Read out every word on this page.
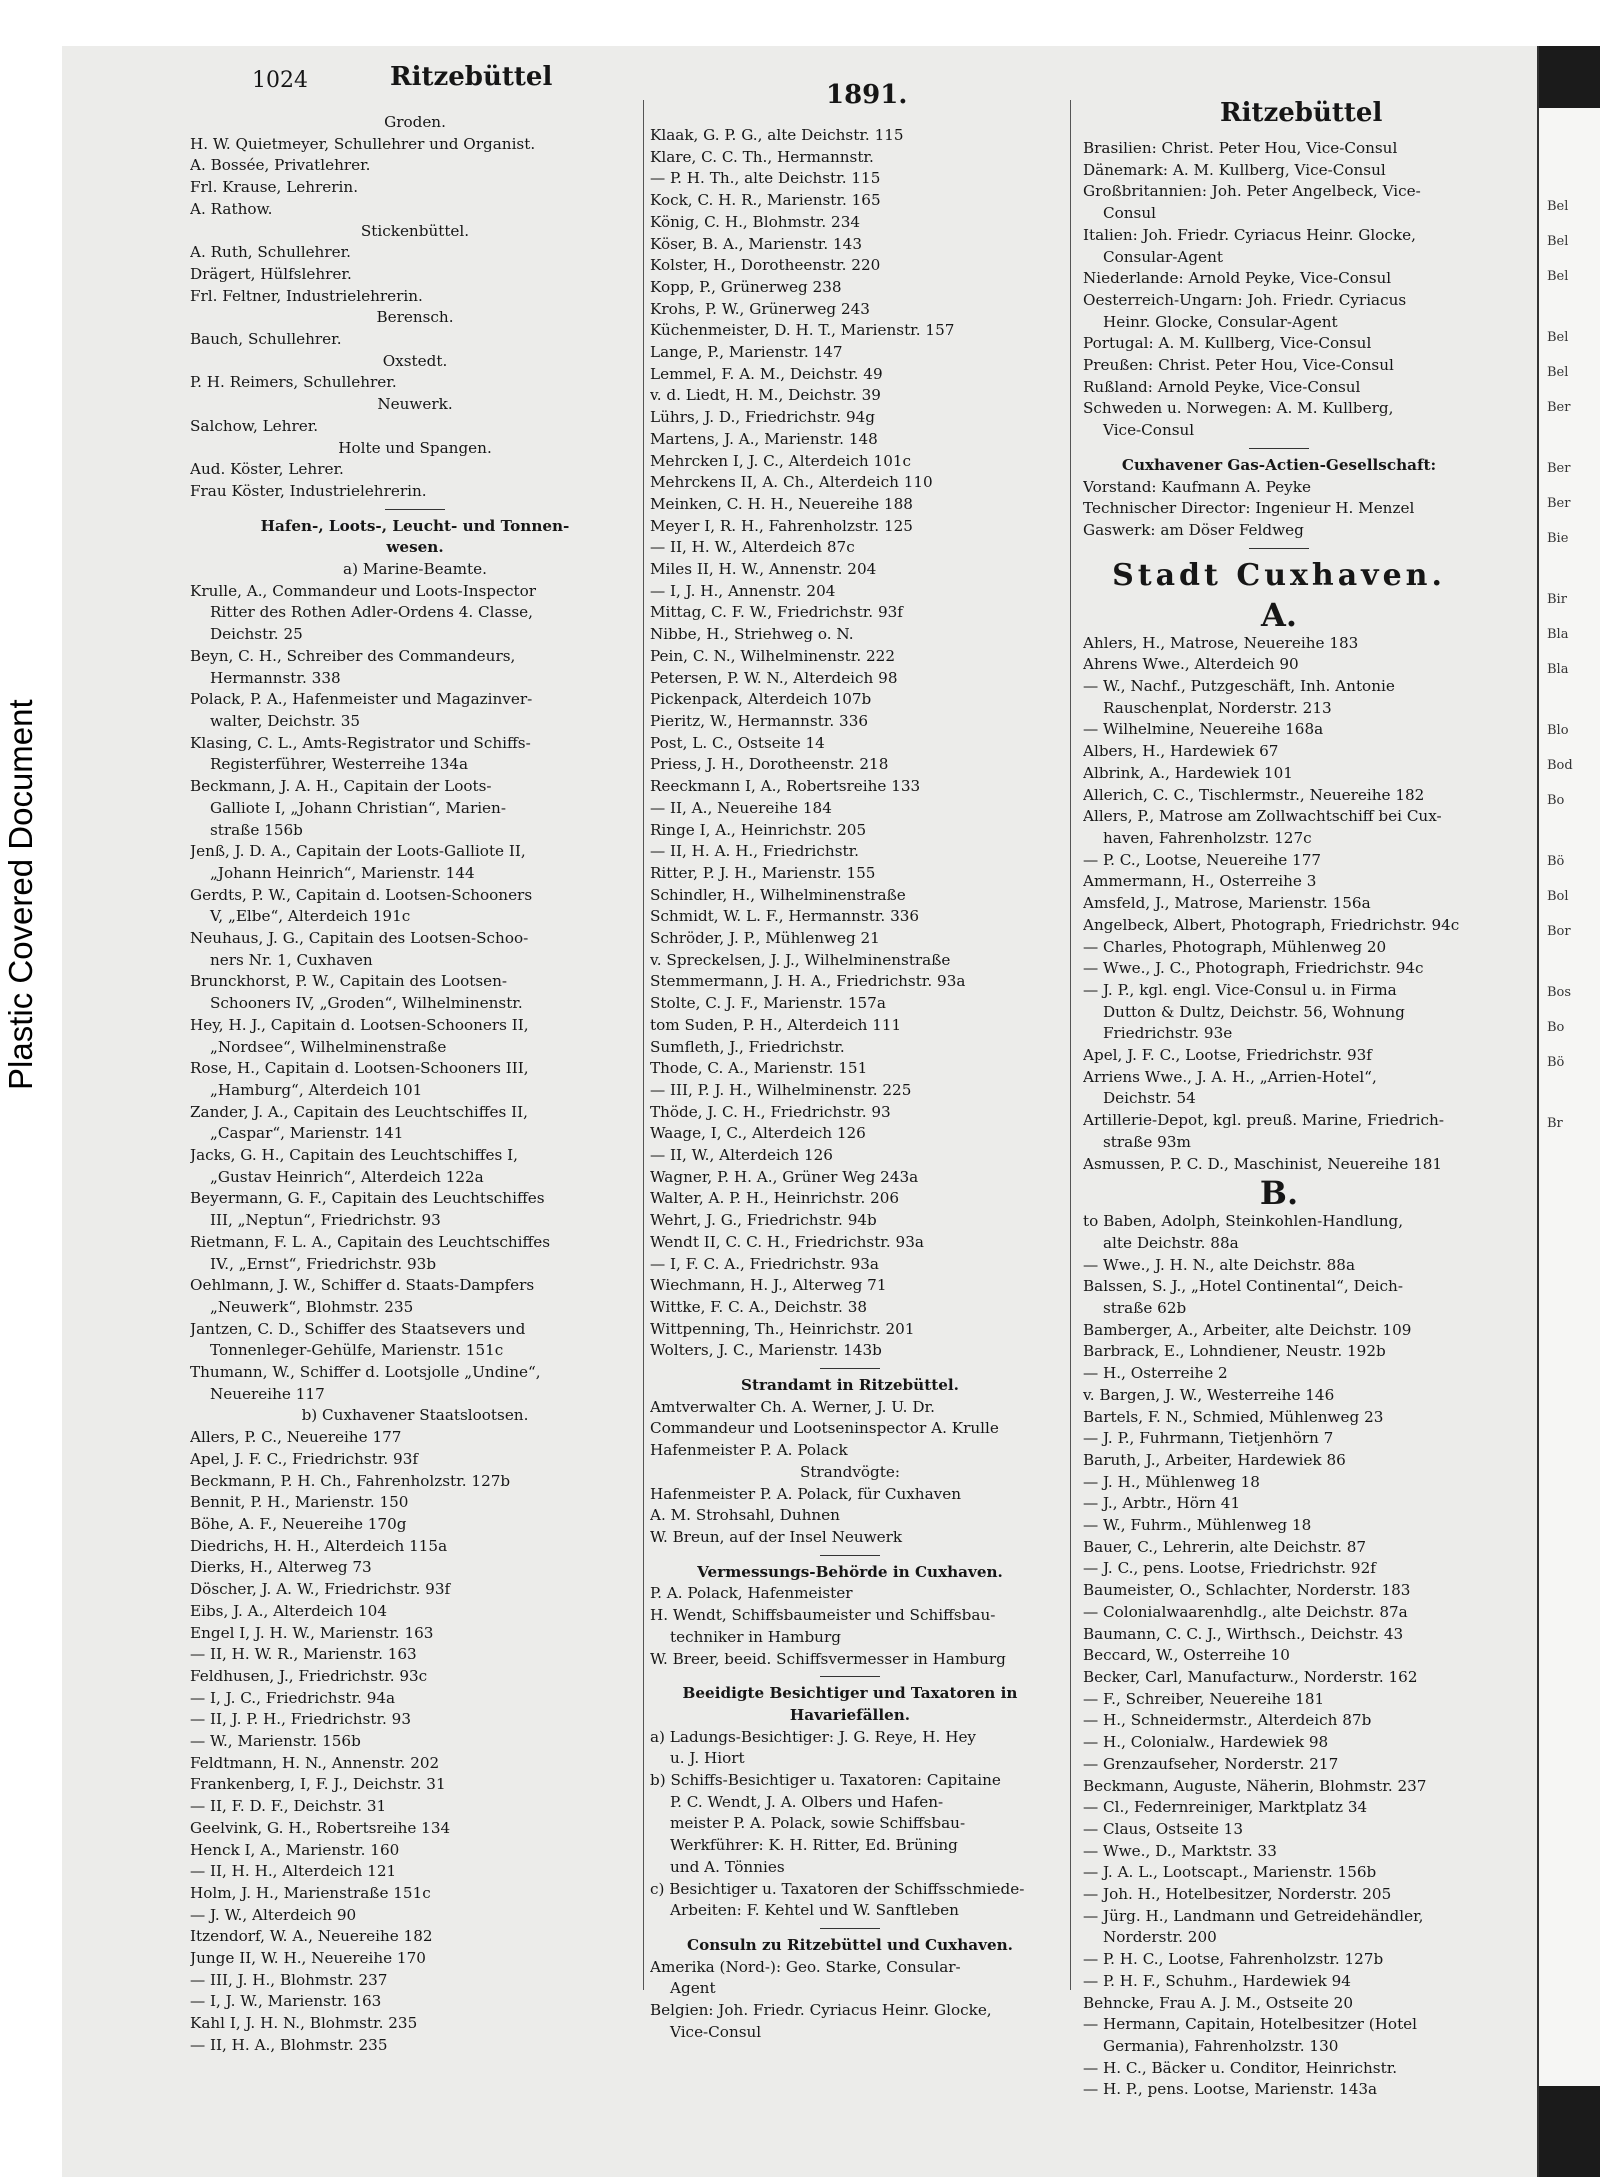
Plastic Covered Document
Bel
Bel
Bel
Bel
Bel
Ber
Ber
Ber
Bie
Bir
Bla
Bla
Blo
Bod
Bo
Bö
Bol
Bor
Bos
Bo
Bö
Br
1024	Ritzebüttel
1891.
Ritzebüttel
Groden.
H. W. Quietmeyer, Schullehrer und Organist.
A. Bossée, Privatlehrer.
Frl. Krause, Lehrerin.
A. Rathow.
Stickenbüttel.
A. Ruth, Schullehrer.
Drägert, Hülfslehrer.
Frl. Feltner, Industrielehrerin.
Berensch.
Bauch, Schullehrer.
Oxstedt.
P. H. Reimers, Schullehrer.
Neuwerk.
Salchow, Lehrer.
Holte und Spangen.
Aud. Köster, Lehrer.
Frau Köster, Industrielehrerin.
Hafen-, Loots-, Leucht- und Tonnen-
wesen.
a) Marine-Beamte.
Krulle, A., Commandeur und Loots-Inspector
Ritter des Rothen Adler-Ordens 4. Classe,
Deichstr. 25
Beyn, C. H., Schreiber des Commandeurs,
Hermannstr. 338
Polack, P. A., Hafenmeister und Magazinver-
walter, Deichstr. 35
Klasing, C. L., Amts-Registrator und Schiffs-
Registerführer, Westerreihe 134a
Beckmann, J. A. H., Capitain der Loots-
Galliote I, „Johann Christian“, Marien-
straße 156b
Jenß, J. D. A., Capitain der Loots-Galliote II,
„Johann Heinrich“, Marienstr. 144
Gerdts, P. W., Capitain d. Lootsen-Schooners
V, „Elbe“, Alterdeich 191c
Neuhaus, J. G., Capitain des Lootsen-Schoo-
ners Nr. 1, Cuxhaven
Brunckhorst, P. W., Capitain des Lootsen-
Schooners IV, „Groden“, Wilhelminenstr.
Hey, H. J., Capitain d. Lootsen-Schooners II,
„Nordsee“, Wilhelminenstraße
Rose, H., Capitain d. Lootsen-Schooners III,
„Hamburg“, Alterdeich 101
Zander, J. A., Capitain des Leuchtschiffes II,
„Caspar“, Marienstr. 141
Jacks, G. H., Capitain des Leuchtschiffes I,
„Gustav Heinrich“, Alterdeich 122a
Beyermann, G. F., Capitain des Leuchtschiffes
III, „Neptun“, Friedrichstr. 93
Rietmann, F. L. A., Capitain des Leuchtschiffes
IV., „Ernst“, Friedrichstr. 93b
Oehlmann, J. W., Schiffer d. Staats-Dampfers
„Neuwerk“, Blohmstr. 235
Jantzen, C. D., Schiffer des Staatsevers und
Tonnenleger-Gehülfe, Marienstr. 151c
Thumann, W., Schiffer d. Lootsjolle „Undine“,
Neuereihe 117
b) Cuxhavener Staatslootsen.
Allers, P. C., Neuereihe 177
Apel, J. F. C., Friedrichstr. 93f
Beckmann, P. H. Ch., Fahrenholzstr. 127b
Bennit, P. H., Marienstr. 150
Böhe, A. F., Neuereihe 170g
Diedrichs, H. H., Alterdeich 115a
Dierks, H., Alterweg 73
Döscher, J. A. W., Friedrichstr. 93f
Eibs, J. A., Alterdeich 104
Engel I, J. H. W., Marienstr. 163
— II, H. W. R., Marienstr. 163
Feldhusen, J., Friedrichstr. 93c
— I, J. C., Friedrichstr. 94a
— II, J. P. H., Friedrichstr. 93
— W., Marienstr. 156b
Feldtmann, H. N., Annenstr. 202
Frankenberg, I, F. J., Deichstr. 31
— II, F. D. F., Deichstr. 31
Geelvink, G. H., Robertsreihe 134
Henck I, A., Marienstr. 160
— II, H. H., Alterdeich 121
Holm, J. H., Marienstraße 151c
— J. W., Alterdeich 90
Itzendorf, W. A., Neuereihe 182
Junge II, W. H., Neuereihe 170
— III, J. H., Blohmstr. 237
— I, J. W., Marienstr. 163
Kahl I, J. H. N., Blohmstr. 235
— II, H. A., Blohmstr. 235
Klaak, G. P. G., alte Deichstr. 115
Klare, C. C. Th., Hermannstr.
— P. H. Th., alte Deichstr. 115
Kock, C. H. R., Marienstr. 165
König, C. H., Blohmstr. 234
Köser, B. A., Marienstr. 143
Kolster, H., Dorotheenstr. 220
Kopp, P., Grünerweg 238
Krohs, P. W., Grünerweg 243
Küchenmeister, D. H. T., Marienstr. 157
Lange, P., Marienstr. 147
Lemmel, F. A. M., Deichstr. 49
v. d. Liedt, H. M., Deichstr. 39
Lührs, J. D., Friedrichstr. 94g
Martens, J. A., Marienstr. 148
Mehrcken I, J. C., Alterdeich 101c
Mehrckens II, A. Ch., Alterdeich 110
Meinken, C. H. H., Neuereihe 188
Meyer I, R. H., Fahrenholzstr. 125
— II, H. W., Alterdeich 87c
Miles II, H. W., Annenstr. 204
— I, J. H., Annenstr. 204
Mittag, C. F. W., Friedrichstr. 93f
Nibbe, H., Striehweg o. N.
Pein, C. N., Wilhelminenstr. 222
Petersen, P. W. N., Alterdeich 98
Pickenpack, Alterdeich 107b
Pieritz, W., Hermannstr. 336
Post, L. C., Ostseite 14
Priess, J. H., Dorotheenstr. 218
Reeckmann I, A., Robertsreihe 133
— II, A., Neuereihe 184
Ringe I, A., Heinrichstr. 205
— II, H. A. H., Friedrichstr.
Ritter, P. J. H., Marienstr. 155
Schindler, H., Wilhelminenstraße
Schmidt, W. L. F., Hermannstr. 336
Schröder, J. P., Mühlenweg 21
v. Spreckelsen, J. J., Wilhelminenstraße
Stemmermann, J. H. A., Friedrichstr. 93a
Stolte, C. J. F., Marienstr. 157a
tom Suden, P. H., Alterdeich 111
Sumfleth, J., Friedrichstr.
Thode, C. A., Marienstr. 151
— III, P. J. H., Wilhelminenstr. 225
Thöde, J. C. H., Friedrichstr. 93
Waage, I, C., Alterdeich 126
— II, W., Alterdeich 126
Wagner, P. H. A., Grüner Weg 243a
Walter, A. P. H., Heinrichstr. 206
Wehrt, J. G., Friedrichstr. 94b
Wendt II, C. C. H., Friedrichstr. 93a
— I, F. C. A., Friedrichstr. 93a
Wiechmann, H. J., Alterweg 71
Wittke, F. C. A., Deichstr. 38
Wittpenning, Th., Heinrichstr. 201
Wolters, J. C., Marienstr. 143b
Strandamt in Ritzebüttel.
Amtverwalter Ch. A. Werner, J. U. Dr.
Commandeur und Lootseninspector A. Krulle
Hafenmeister P. A. Polack
Strandvögte:
Hafenmeister P. A. Polack, für Cuxhaven
A. M. Strohsahl, Duhnen
W. Breun, auf der Insel Neuwerk
Vermessungs-Behörde in Cuxhaven.
P. A. Polack, Hafenmeister
H. Wendt, Schiffsbaumeister und Schiffsbau-
techniker in Hamburg
W. Breer, beeid. Schiffsvermesser in Hamburg
Beeidigte Besichtiger und Taxatoren in
Havariefällen.
a) Ladungs-Besichtiger: J. G. Reye, H. Hey
u. J. Hiort
b) Schiffs-Besichtiger u. Taxatoren: Capitaine
P. C. Wendt, J. A. Olbers und Hafen-
meister P. A. Polack, sowie Schiffsbau-
Werkführer: K. H. Ritter, Ed. Brüning
und A. Tönnies
c) Besichtiger u. Taxatoren der Schiffsschmiede-
Arbeiten: F. Kehtel und W. Sanftleben
Consuln zu Ritzebüttel und Cuxhaven.
Amerika (Nord-): Geo. Starke, Consular-
Agent
Belgien: Joh. Friedr. Cyriacus Heinr. Glocke,
Vice-Consul
Brasilien: Christ. Peter Hou, Vice-Consul
Dänemark: A. M. Kullberg, Vice-Consul
Großbritannien: Joh. Peter Angelbeck, Vice-
Consul
Italien: Joh. Friedr. Cyriacus Heinr. Glocke,
Consular-Agent
Niederlande: Arnold Peyke, Vice-Consul
Oesterreich-Ungarn: Joh. Friedr. Cyriacus
Heinr. Glocke, Consular-Agent
Portugal: A. M. Kullberg, Vice-Consul
Preußen: Christ. Peter Hou, Vice-Consul
Rußland: Arnold Peyke, Vice-Consul
Schweden u. Norwegen: A. M. Kullberg,
Vice-Consul
Cuxhavener Gas-Actien-Gesellschaft:
Vorstand: Kaufmann A. Peyke
Technischer Director: Ingenieur H. Menzel
Gaswerk: am Döser Feldweg
Stadt Cuxhaven.
A.
Ahlers, H., Matrose, Neuereihe 183
Ahrens Wwe., Alterdeich 90
— W., Nachf., Putzgeschäft, Inh. Antonie
Rauschenplat, Norderstr. 213
— Wilhelmine, Neuereihe 168a
Albers, H., Hardewiek 67
Albrink, A., Hardewiek 101
Allerich, C. C., Tischlermstr., Neuereihe 182
Allers, P., Matrose am Zollwachtschiff bei Cux-
haven, Fahrenholzstr. 127c
— P. C., Lootse, Neuereihe 177
Ammermann, H., Osterreihe 3
Amsfeld, J., Matrose, Marienstr. 156a
Angelbeck, Albert, Photograph, Friedrichstr. 94c
— Charles, Photograph, Mühlenweg 20
— Wwe., J. C., Photograph, Friedrichstr. 94c
— J. P., kgl. engl. Vice-Consul u. in Firma
Dutton & Dultz, Deichstr. 56, Wohnung
Friedrichstr. 93e
Apel, J. F. C., Lootse, Friedrichstr. 93f
Arriens Wwe., J. A. H., „Arrien-Hotel“,
Deichstr. 54
Artillerie-Depot, kgl. preuß. Marine, Friedrich-
straße 93m
Asmussen, P. C. D., Maschinist, Neuereihe 181
B.
to Baben, Adolph, Steinkohlen-Handlung,
alte Deichstr. 88a
— Wwe., J. H. N., alte Deichstr. 88a
Balssen, S. J., „Hotel Continental“, Deich-
straße 62b
Bamberger, A., Arbeiter, alte Deichstr. 109
Barbrack, E., Lohndiener, Neustr. 192b
— H., Osterreihe 2
v. Bargen, J. W., Westerreihe 146
Bartels, F. N., Schmied, Mühlenweg 23
— J. P., Fuhrmann, Tietjenhörn 7
Baruth, J., Arbeiter, Hardewiek 86
— J. H., Mühlenweg 18
— J., Arbtr., Hörn 41
— W., Fuhrm., Mühlenweg 18
Bauer, C., Lehrerin, alte Deichstr. 87
— J. C., pens. Lootse, Friedrichstr. 92f
Baumeister, O., Schlachter, Norderstr. 183
— Colonialwaarenhdlg., alte Deichstr. 87a
Baumann, C. C. J., Wirthsch., Deichstr. 43
Beccard, W., Osterreihe 10
Becker, Carl, Manufacturw., Norderstr. 162
— F., Schreiber, Neuereihe 181
— H., Schneidermstr., Alterdeich 87b
— H., Colonialw., Hardewiek 98
— Grenzaufseher, Norderstr. 217
Beckmann, Auguste, Näherin, Blohmstr. 237
— Cl., Federnreiniger, Marktplatz 34
— Claus, Ostseite 13
— Wwe., D., Marktstr. 33
— J. A. L., Lootscapt., Marienstr. 156b
— Joh. H., Hotelbesitzer, Norderstr. 205
— Jürg. H., Landmann und Getreidehändler,
Norderstr. 200
— P. H. C., Lootse, Fahrenholzstr. 127b
— P. H. F., Schuhm., Hardewiek 94
Behncke, Frau A. J. M., Ostseite 20
— Hermann, Capitain, Hotelbesitzer (Hotel
Germania), Fahrenholzstr. 130
— H. C., Bäcker u. Conditor, Heinrichstr.
— H. P., pens. Lootse, Marienstr. 143a
